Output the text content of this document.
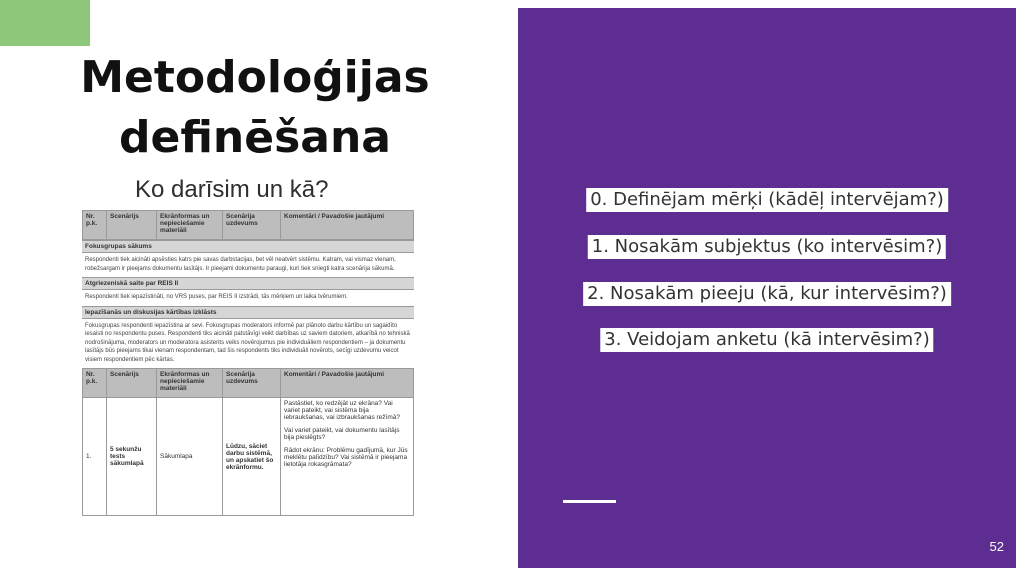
Metodoloģijas
definēšana
Ko darīsim un kā?
Nr. p.k.	Scenārijs	Ekrānformas un nepieciešamie materiāli	Scenārija uzdevums	Komentāri / Pavadošie jautājumi
Fokusgrupas sākums
Respondenti tiek aicināti apsēsties katrs pie savas darbstacijas, bet vēl neatvērt sistēmu. Katram, vai vismaz vienam, robežsargam ir pieejams dokumentu lasītājs. Ir pieejami dokumentu paraugi, kuri tiek sniegti katra scenārija sākumā.
Atgriezeniskā saite par REIS II
Respondenti tiek iepazīstināti, no VRS puses, par REIS II izstrādi, tās mērķiem un laika tvērumiem.
Iepazīšanās un diskusijas kārtības izklāsts
Fokusgrupas respondenti iepazīstina ar sevi. Fokusgrupas moderators informē par plānoto darbu kārtību un sagaidīto iesaisti no respondentu puses. Respondenti tiks aicināti patstāvīgi veikt darbības uz saviem datoriem, atkarībā no tehniskā nodrošinājuma, moderators un moderatora asistents veiks novērojumus pie individuāliem respondentiem – ja dokumentu lasītājs būs pieejams tikai vienam respondentam, tad šis respondents tiks individuāli novērots, secīgi uzdevumu veicot visiem respondentiem pēc kārtas.
Nr. p.k.	Scenārijs	Ekrānformas un nepieciešamie materiāli	Scenārija uzdevums	Komentāri / Pavadošie jautājumi
1.	5 sekunžu tests sākumlapā	Sākumlapa	Lūdzu, sāciet darbu sistēmā, un apskatiet šo ekrānformu.	Pastāstiet, ko redzējāt uz ekrāna? Vai variet pateikt, vai sistēma bija iebraukšanas, vai izbraukšanas režīmā?

Vai variet pateikt, vai dokumentu lasītājs bija pieslēgts?

Rādot ekrānu: Problēmu gadījumā, kur Jūs meklētu palīdzību? Vai sistēmā ir pieejama lietotāja rokasgrāmata?

0. Definējam mērķi (kādēļ intervējam?)
1. Nosakām subjektus (ko intervēsim?)
2. Nosakām pieeju (kā, kur intervēsim?)
3. Veidojam anketu (kā intervēsim?)
52
